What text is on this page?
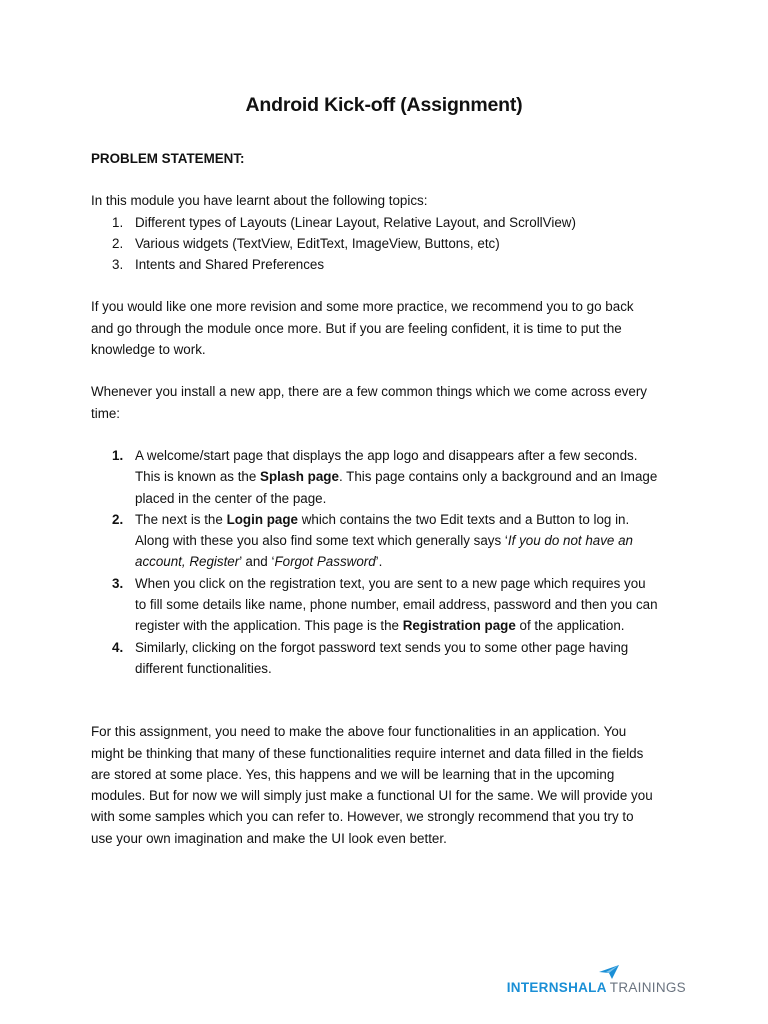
Android Kick-off (Assignment)

PROBLEM STATEMENT:

In this module you have learnt about the following topics:

1. Different types of Layouts (Linear Layout, Relative Layout, and ScrollView)
2. Various widgets (TextView, EditText, ImageView, Buttons, etc)
3. Intents and Shared Preferences

If you would like one more revision and some more practice, we recommend you to go back
and go through the module once more. But if you are feeling confident, it is time to put the
knowledge to work.

Whenever you install a new app, there are a few common things which we come across every
time:

1. A welcome/start page that displays the app logo and disappears after a few seconds.
This is known as the Splash page. This page contains only a background and an Image
placed in the center of the page.
2. The next is the Login page which contains the two Edit texts and a Button to log in.
Along with these you also find some text which generally says ‘If you do not have an
account, Register’ and ‘Forgot Password’.
3. When you click on the registration text, you are sent to a new page which requires you
to fill some details like name, phone number, email address, password and then you can
register with the application. This page is the Registration page of the application.
4. Similarly, clicking on the forgot password text sends you to some other page having
different functionalities.

For this assignment, you need to make the above four functionalities in an application. You
might be thinking that many of these functionalities require internet and data filled in the fields
are stored at some place. Yes, this happens and we will be learning that in the upcoming
modules. But for now we will simply just make a functional UI for the same. We will provide you
with some samples which you can refer to. However, we strongly recommend that you try to
use your own imagination and make the UI look even better.

INTERNSHALA TRAININGS
